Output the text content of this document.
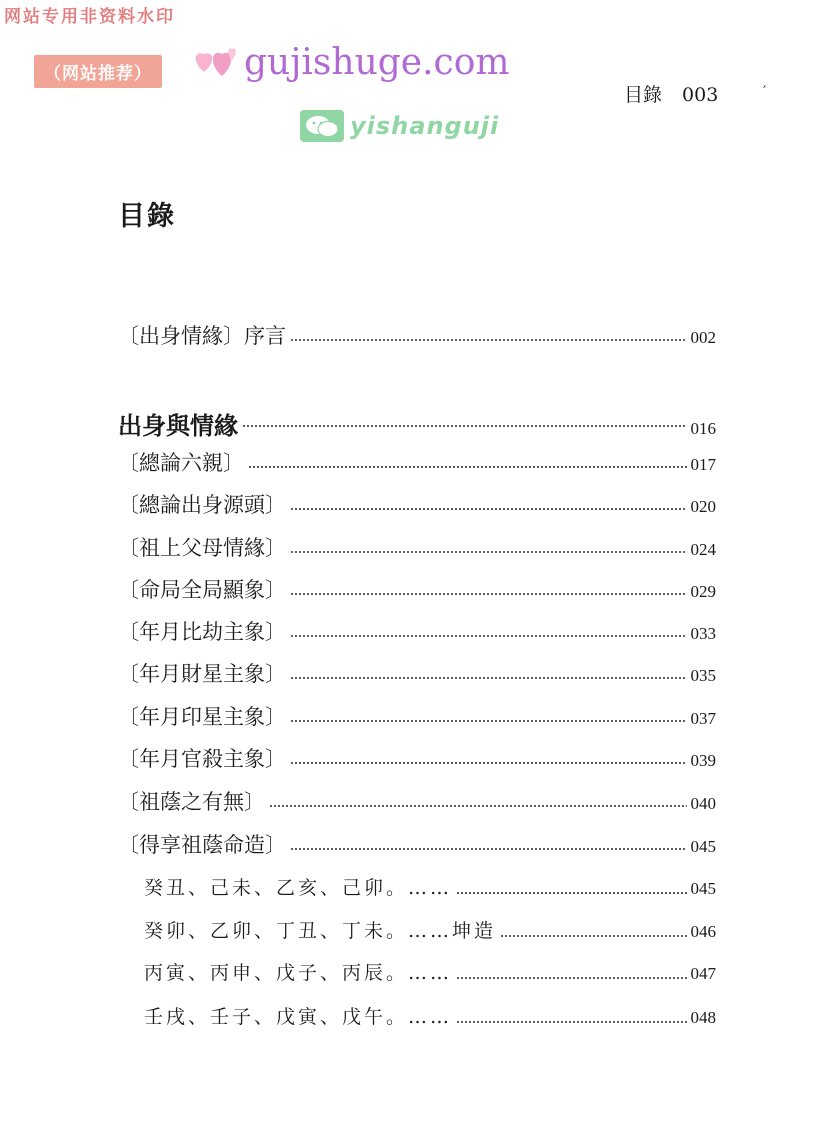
网站专用非资料水印
（网站推荐）	gujishuge.com
yishanguji
目錄 003	′
目錄
〔出身情緣〕序言	002
出身與情緣	016
〔總論六親〕	017
〔總論出身源頭〕	020
〔祖上父母情緣〕	024
〔命局全局顯象〕	029
〔年月比劫主象〕	033
〔年月財星主象〕	035
〔年月印星主象〕	037
〔年月官殺主象〕	039
〔祖蔭之有無〕	040
〔得享祖蔭命造〕	045
癸丑、己未、乙亥、己卯。……	045
癸卯、乙卯、丁丑、丁未。……坤造	046
丙寅、丙申、戊子、丙辰。……	047
壬戌、壬子、戊寅、戊午。……	048
